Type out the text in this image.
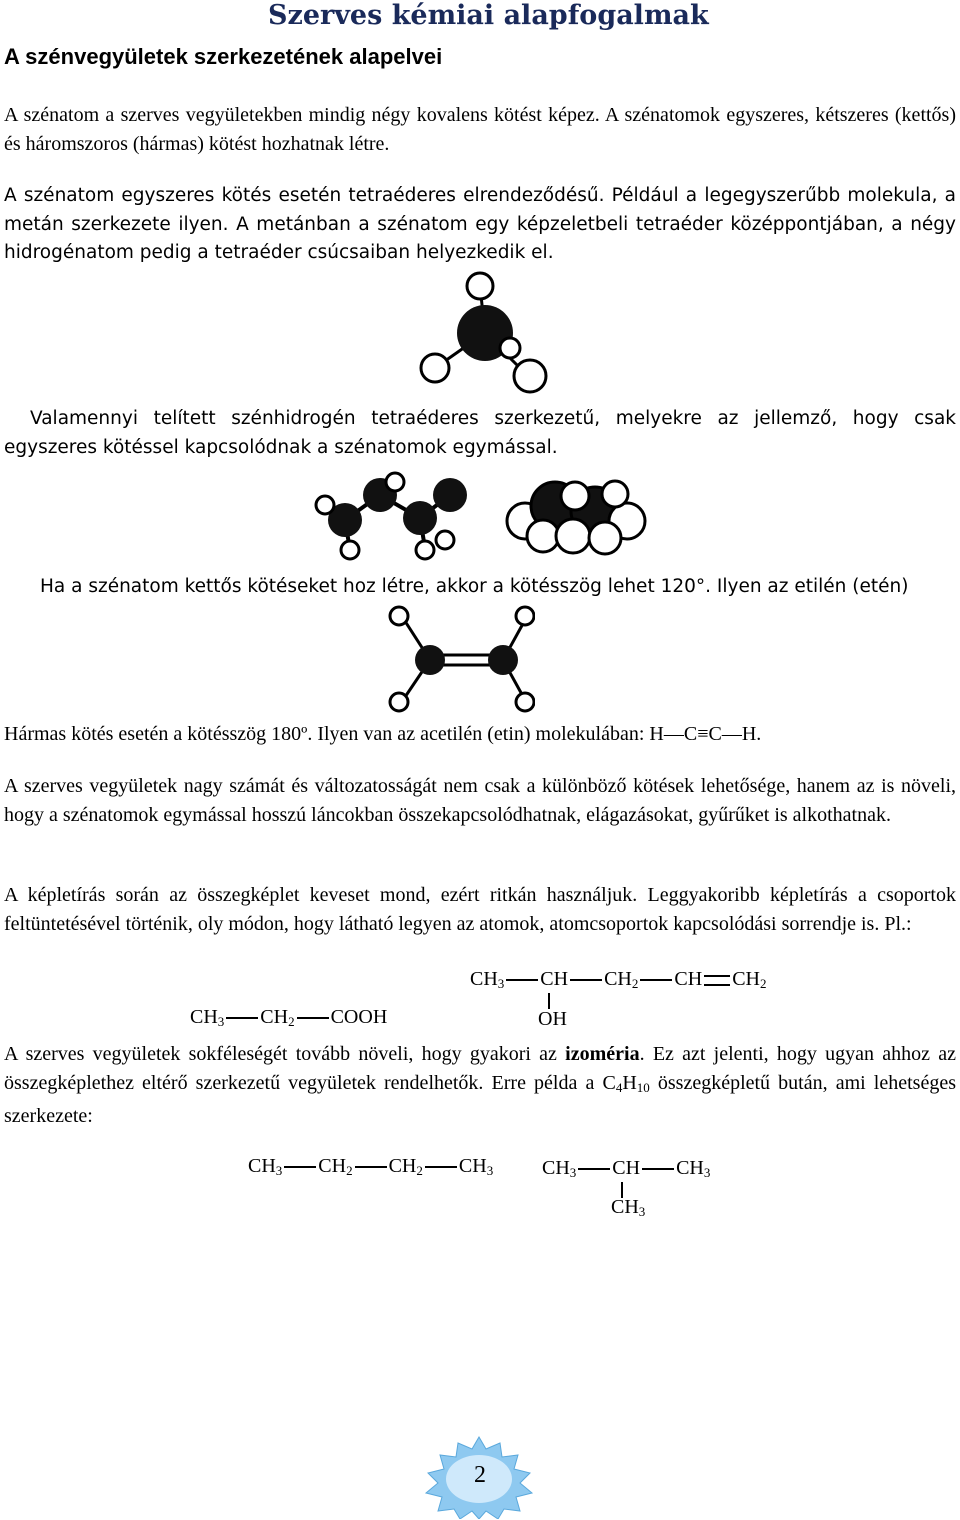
Szerves kémiai alapfogalmak
A szénvegyületek szerkezetének alapelvei
A szénatom a szerves vegyületekben mindig négy kovalens kötést képez. A szénatomok egyszeres, kétszeres (kettős) és háromszoros (hármas) kötést hozhatnak létre.
A szénatom egyszeres kötés esetén tetraéderes elrendeződésű. Például a legegyszerűbb molekula, a metán szerkezete ilyen. A metánban a szénatom egy képzeletbeli tetraéder középpontjában, a négy hidrogénatom pedig a tetraéder csúcsaiban helyezkedik el.
Valamennyi telített szénhidrogén tetraéderes szerkezetű, melyekre az jellemző, hogy csak egyszeres kötéssel kapcsolódnak a szénatomok egymással.
Ha a szénatom kettős kötéseket hoz létre, akkor a kötésszög lehet 120°. Ilyen az etilén (etén)
Hármas kötés esetén a kötésszög 180º. Ilyen van az acetilén (etin) molekulában: H—C≡C—H.
A szerves vegyületek nagy számát és változatosságát nem csak a különböző kötések lehetősége, hanem az is növeli, hogy a szénatomok egymással hosszú láncokban összekapcsolódhatnak, elágazásokat, gyűrűket is alkothatnak.
A képletírás során az összegképlet keveset mond, ezért ritkán használjuk. Leggyakoribb képletírás a csoportok feltüntetésével történik, oly módon, hogy látható legyen az atomok, atomcsoportok kapcsolódási sorrendje is. Pl.:
$CH_3$ CH $CH_2$ CH $CH_2$
OH
$CH_3$ $CH_2$ COOH
A szerves vegyületek sokféleségét tovább növeli, hogy gyakori az izoméria. Ez azt jelenti, hogy ugyan ahhoz az összegképlethez eltérő szerkezetű vegyületek rendelhetők. Erre példa a $C_4H_{10}$ összegképletű bután, ami lehetséges szerkezete:
$CH_3$ $CH_2$ $CH_2$ $CH_3$ $CH_3$ CH $CH_3$
$CH_3$
2
